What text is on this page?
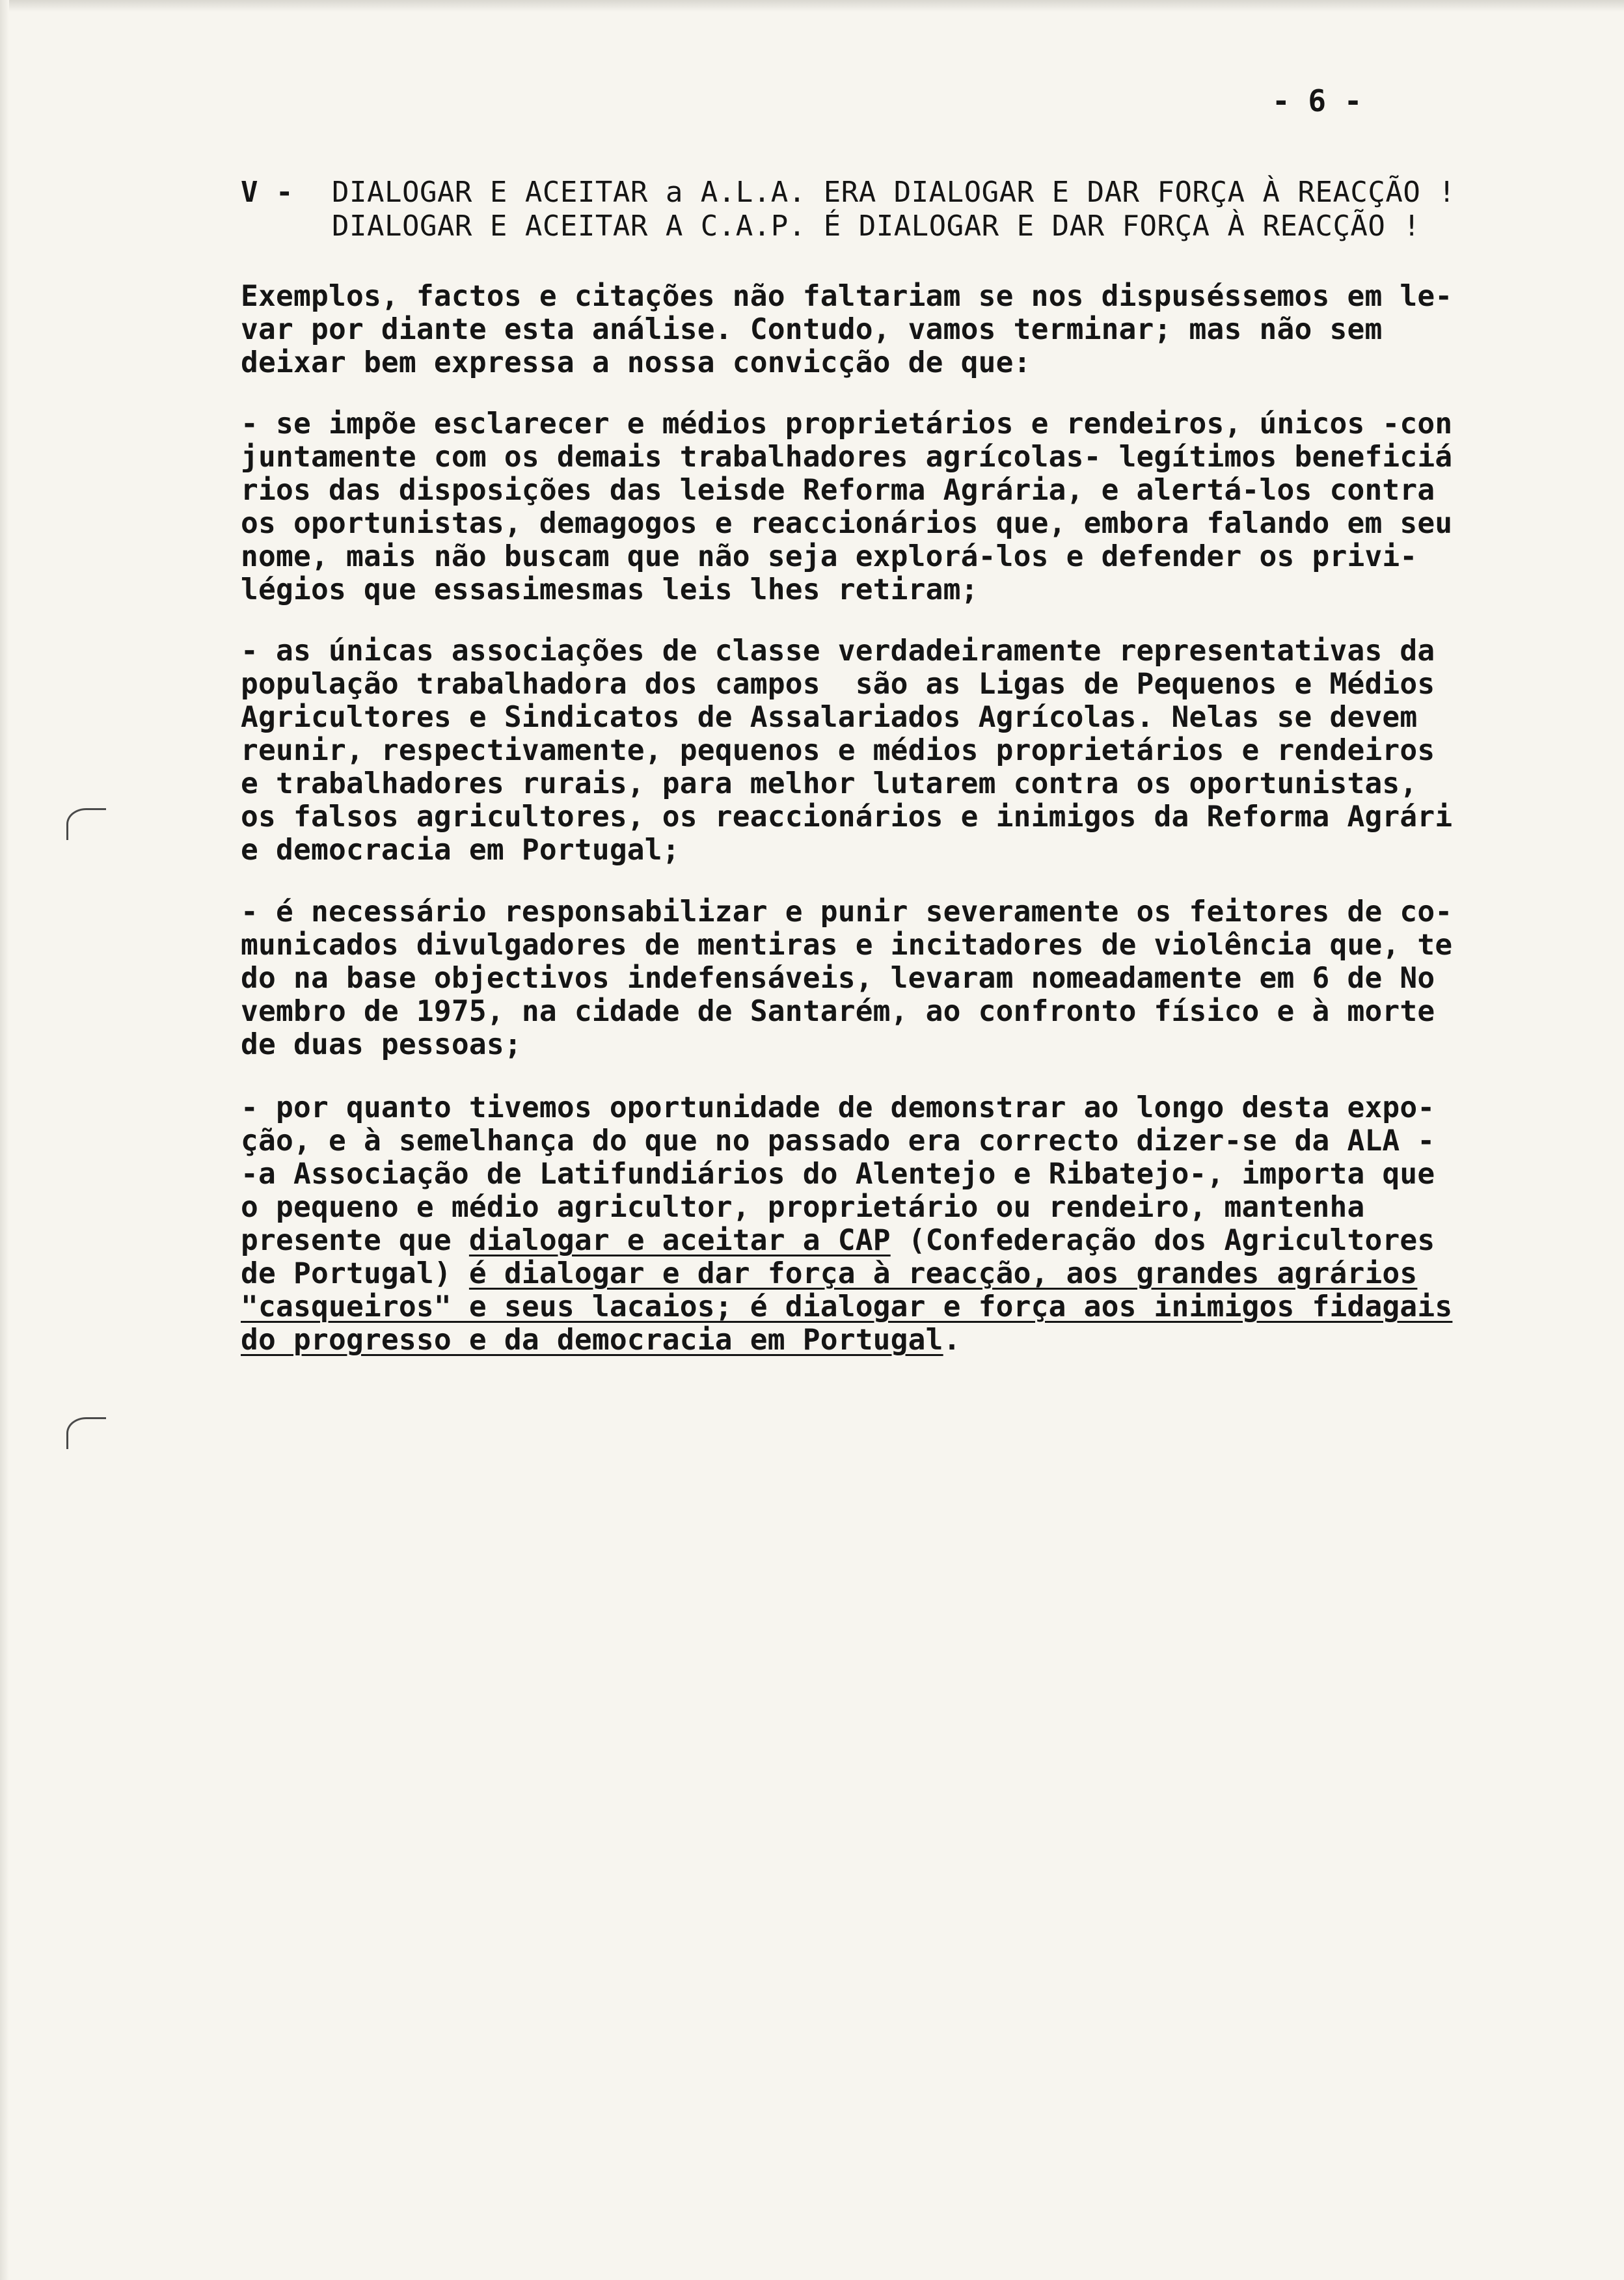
- 6 -
V -	DIALOGAR E ACEITAR a A.L.A. ERA DIALOGAR E DAR FORÇA À REACÇÃO !
DIALOGAR E ACEITAR A C.A.P. É DIALOGAR E DAR FORÇA À REACÇÃO !
Exemplos, factos e citações não faltariam se nos dispuséssemos em le-
var por diante esta análise. Contudo, vamos terminar; mas não sem
deixar bem expressa a nossa convicção de que:
- se impõe esclarecer e médios proprietários e rendeiros, únicos -con
juntamente com os demais trabalhadores agrícolas- legítimos beneficiá
rios das disposições das leisde Reforma Agrária, e alertá-los contra
os oportunistas, demagogos e reaccionários que, embora falando em seu
nome, mais não buscam que não seja explorá-los e defender os privi-
légios que essasimesmas leis lhes retiram;
- as únicas associações de classe verdadeiramente representativas da
população trabalhadora dos campos  são as Ligas de Pequenos e Médios
Agricultores e Sindicatos de Assalariados Agrícolas. Nelas se devem
reunir, respectivamente, pequenos e médios proprietários e rendeiros
e trabalhadores rurais, para melhor lutarem contra os oportunistas,
os falsos agricultores, os reaccionários e inimigos da Reforma Agrári
e democracia em Portugal;
- é necessário responsabilizar e punir severamente os feitores de co-
municados divulgadores de mentiras e incitadores de violência que, te
do na base objectivos indefensáveis, levaram nomeadamente em 6 de No
vembro de 1975, na cidade de Santarém, ao confronto físico e à morte
de duas pessoas;
- por quanto tivemos oportunidade de demonstrar ao longo desta expo-
ção, e à semelhança do que no passado era correcto dizer-se da ALA -
-a Associação de Latifundiários do Alentejo e Ribatejo-, importa que
o pequeno e médio agricultor, proprietário ou rendeiro, mantenha
presente que dialogar e aceitar a CAP (Confederação dos Agricultores
de Portugal) é dialogar e dar força à reacção, aos grandes agrários
"casqueiros" e seus lacaios; é dialogar e força aos inimigos fidagais
do progresso e da democracia em Portugal.
